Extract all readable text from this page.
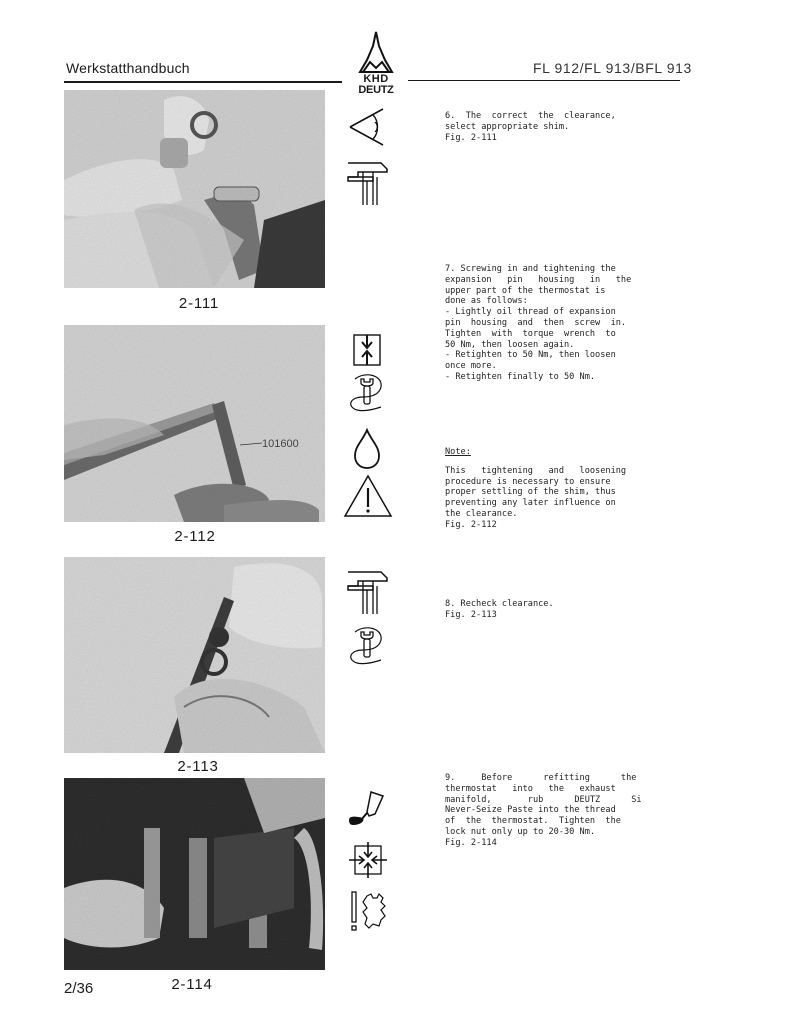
Werkstatthandbuch	FL 912/FL 913/BFL 913
KHD
DEUTZ
2-111
101600
2-112
2-113
2-114
6.  The  correct  the  clearance,
select appropriate shim.
Fig. 2-111
7. Screwing in and tightening the
expansion   pin   housing   in   the
upper part of the thermostat is
done as follows:
- Lightly oil thread of expansion
pin  housing  and  then  screw  in.
Tighten  with  torque  wrench  to
50 Nm, then loosen again.
- Retighten to 50 Nm, then loosen
once more.
- Retighten finally to 50 Nm.
Note:
This   tightening   and   loosening
procedure is necessary to ensure
proper settling of the shim, thus
preventing any later influence on
the clearance.
Fig. 2-112
8. Recheck clearance.
Fig. 2-113
9.     Before      refitting      the
thermostat   into   the   exhaust
manifold,       rub      DEUTZ      Si
Never-Seize Paste into the thread
of  the  thermostat.  Tighten  the
lock nut only up to 20-30 Nm.
Fig. 2-114
2/36
